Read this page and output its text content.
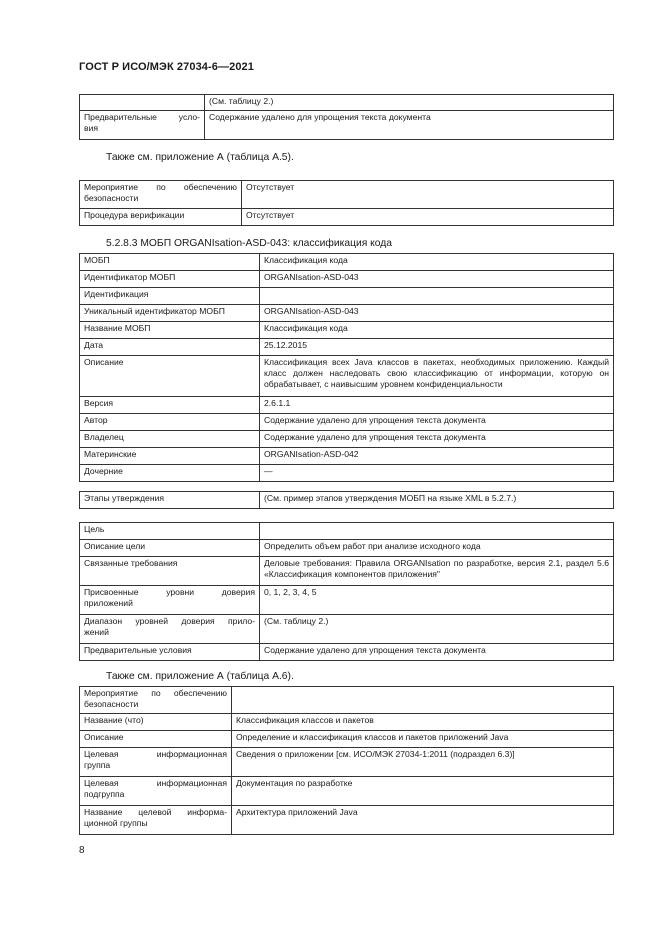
ГОСТ Р ИСО/МЭК 27034-6—2021
	(См. таблицу 2.)

Предварительные усло-
вия	Содержание удалено для упрощения текста документа
Также см. приложение А (таблица А.5).
Мероприятие по обеспечению
безопасности	Отсутствует
Процедура верификации	Отсутствует
5.2.8.3 МОБП ORGANIsation-ASD-043: классификация кода
МОБП	Классификация кода
Идентификатор МОБП	ORGANIsation-ASD-043
Идентификация	
Уникальный идентификатор МОБП	ORGANIsation-ASD-043
Название МОБП	Классификация кода
Дата	25.12.2015
Описание	Классификация всех Java классов в пакетах, необходимых приложению. Каждый класс должен наследовать свою классификацию от информации, которую он обрабатывает, с наивысшим уровнем конфиденциальности
Версия	2.6.1.1
Автор	Содержание удалено для упрощения текста документа
Владелец	Содержание удалено для упрощения текста документа
Материнские	ORGANIsation-ASD-042
Дочерние	—
Этапы утверждения	(См. пример этапов утверждения МОБП на языке XML в 5.2.7.)
Цель	
Описание цели	Определить объем работ при анализе исходного кода
Связанные требования	Деловые требования: Правила ORGANIsation по разработке, версия 2.1, раздел 5.6 «Классификация компонентов приложения"

Присвоенные уровни доверия
приложений	0, 1, 2, 3, 4, 5

Диапазон уровней доверия прило-
жений	(См. таблицу 2.)
Предварительные условия	Содержание удалено для упрощения текста документа
Также см. приложение А (таблица А.6).
Мероприятие по обеспечению
безопасности	

Название (что)	Классификация классов и пакетов
Описание	Определение и классификация классов и пакетов приложений Java

Целевая информационная
группа	Сведения о приложении [см. ИСО/МЭК 27034-1:2011 (подраздел 6.3)]

Целевая информационная
подгруппа	Документация по разработке

Название целевой информа-
ционной группы	Архитектура приложений Java
8
